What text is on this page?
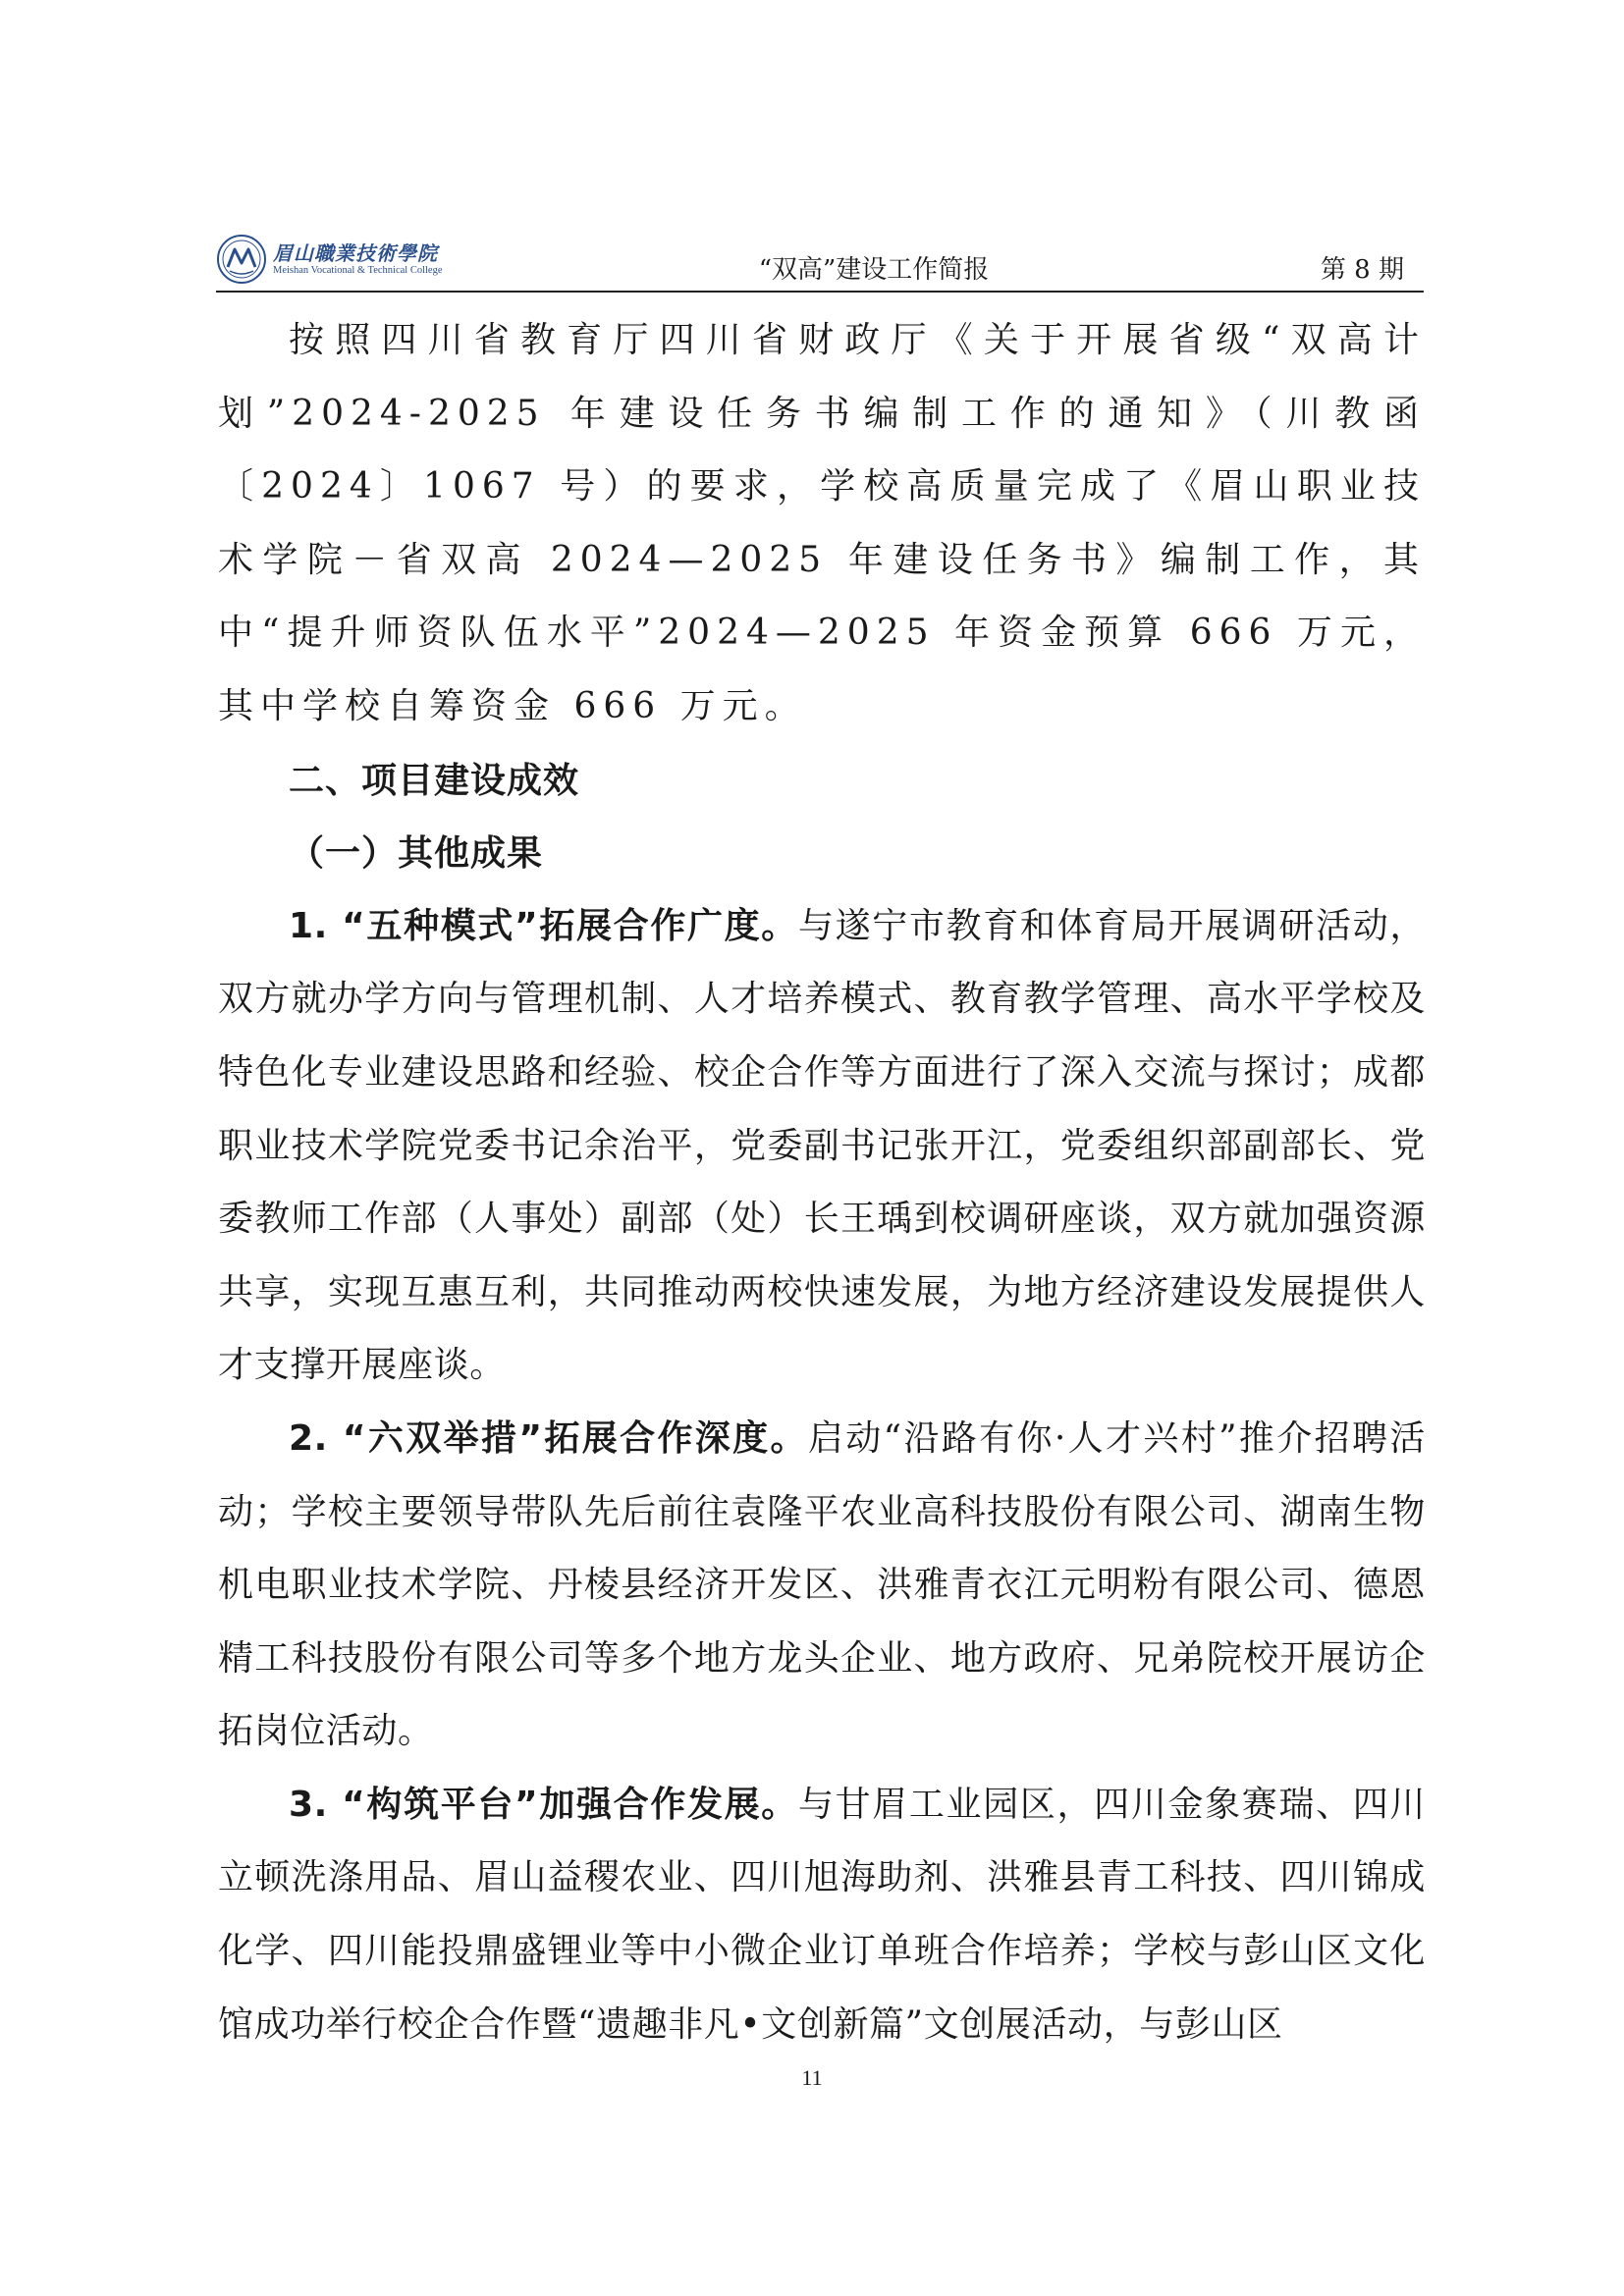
眉山職業技術學院
Meishan Vocational & Technical College	“双高”建设工作简报	第 8 期

按照四川省教育厅四川省财政厅《关于开展省级“双高计划”2024-2025 年建设任务书编制工作的通知》（川教函〔2024〕1067 号）的要求，学校高质量完成了《眉山职业技术学院－省双高 2024—2025 年建设任务书》编制工作，其中“提升师资队伍水平”2024—2025 年资金预算 666 万元，其中学校自筹资金 666 万元。

二、项目建设成效

（一）其他成果

1. “五种模式”拓展合作广度。与遂宁市教育和体育局开展调研活动，双方就办学方向与管理机制、人才培养模式、教育教学管理、高水平学校及特色化专业建设思路和经验、校企合作等方面进行了深入交流与探讨；成都职业技术学院党委书记余治平，党委副书记张开江，党委组织部副部长、党委教师工作部（人事处）副部（处）长王瑀到校调研座谈，双方就加强资源共享，实现互惠互利，共同推动两校快速发展，为地方经济建设发展提供人才支撑开展座谈。

2. “六双举措”拓展合作深度。启动“沿路有你·人才兴村”推介招聘活动；学校主要领导带队先后前往袁隆平农业高科技股份有限公司、湖南生物机电职业技术学院、丹棱县经济开发区、洪雅青衣江元明粉有限公司、德恩精工科技股份有限公司等多个地方龙头企业、地方政府、兄弟院校开展访企拓岗位活动。

3. “构筑平台”加强合作发展。与甘眉工业园区，四川金象赛瑞、四川立顿洗涤用品、眉山益稷农业、四川旭海助剂、洪雅县青工科技、四川锦成化学、四川能投鼎盛锂业等中小微企业订单班合作培养；学校与彭山区文化馆成功举行校企合作暨“遗趣非凡•文创新篇”文创展活动，与彭山区

11
